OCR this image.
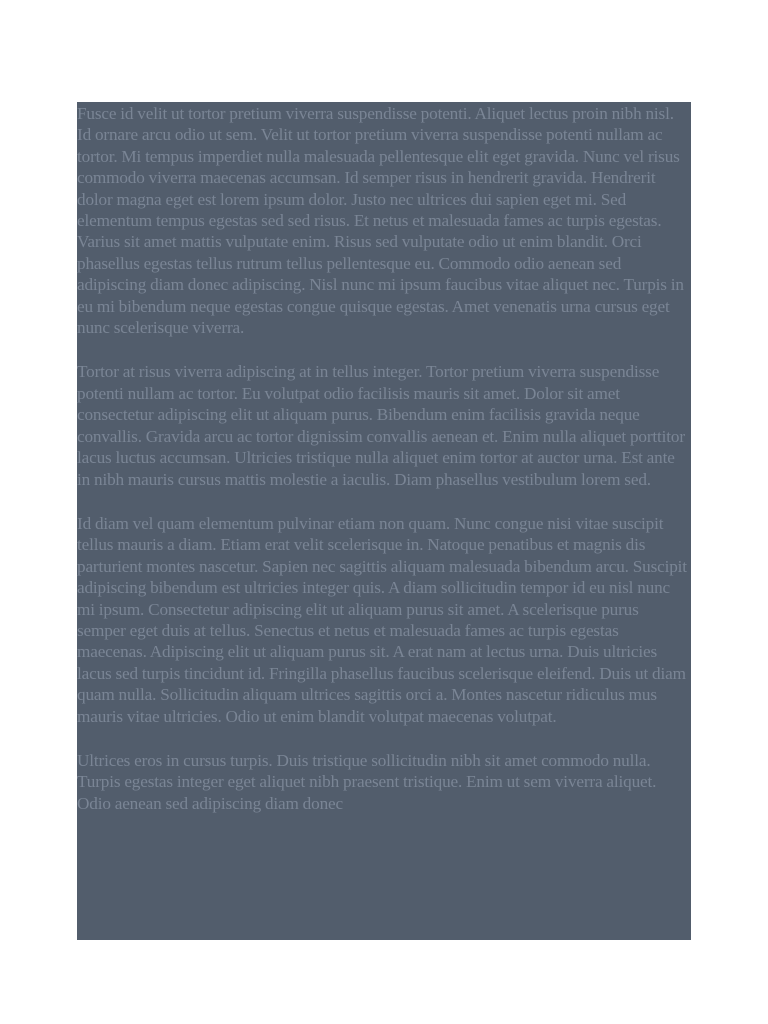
Fusce id velit ut tortor pretium viverra suspendisse potenti. Aliquet lectus proin nibh nisl. Id ornare arcu odio ut sem. Velit ut tortor pretium viverra suspendisse potenti nullam ac tortor. Mi tempus imperdiet nulla malesuada pellentesque elit eget gravida. Nunc vel risus commodo viverra maecenas accumsan. Id semper risus in hendrerit gravida. Hendrerit dolor magna eget est lorem ipsum dolor. Justo nec ultrices dui sapien eget mi. Sed elementum tempus egestas sed sed risus. Et netus et malesuada fames ac turpis egestas. Varius sit amet mattis vulputate enim. Risus sed vulputate odio ut enim blandit. Orci phasellus egestas tellus rutrum tellus pellentesque eu. Commodo odio aenean sed adipiscing diam donec adipiscing. Nisl nunc mi ipsum faucibus vitae aliquet nec. Turpis in eu mi bibendum neque egestas congue quisque egestas. Amet venenatis urna cursus eget nunc scelerisque viverra.

Tortor at risus viverra adipiscing at in tellus integer. Tortor pretium viverra suspendisse potenti nullam ac tortor. Eu volutpat odio facilisis mauris sit amet. Dolor sit amet consectetur adipiscing elit ut aliquam purus. Bibendum enim facilisis gravida neque convallis. Gravida arcu ac tortor dignissim convallis aenean et. Enim nulla aliquet porttitor lacus luctus accumsan. Ultricies tristique nulla aliquet enim tortor at auctor urna. Est ante in nibh mauris cursus mattis molestie a iaculis. Diam phasellus vestibulum lorem sed.

Id diam vel quam elementum pulvinar etiam non quam. Nunc congue nisi vitae suscipit tellus mauris a diam. Etiam erat velit scelerisque in. Natoque penatibus et magnis dis parturient montes nascetur. Sapien nec sagittis aliquam malesuada bibendum arcu. Suscipit adipiscing bibendum est ultricies integer quis. A diam sollicitudin tempor id eu nisl nunc mi ipsum. Consectetur adipiscing elit ut aliquam purus sit amet. A scelerisque purus semper eget duis at tellus. Senectus et netus et malesuada fames ac turpis egestas maecenas. Adipiscing elit ut aliquam purus sit. A erat nam at lectus urna. Duis ultricies lacus sed turpis tincidunt id. Fringilla phasellus faucibus scelerisque eleifend. Duis ut diam quam nulla. Sollicitudin aliquam ultrices sagittis orci a. Montes nascetur ridiculus mus mauris vitae ultricies. Odio ut enim blandit volutpat maecenas volutpat.

Ultrices eros in cursus turpis. Duis tristique sollicitudin nibh sit amet commodo nulla. Turpis egestas integer eget aliquet nibh praesent tristique. Enim ut sem viverra aliquet. Odio aenean sed adipiscing diam donec
